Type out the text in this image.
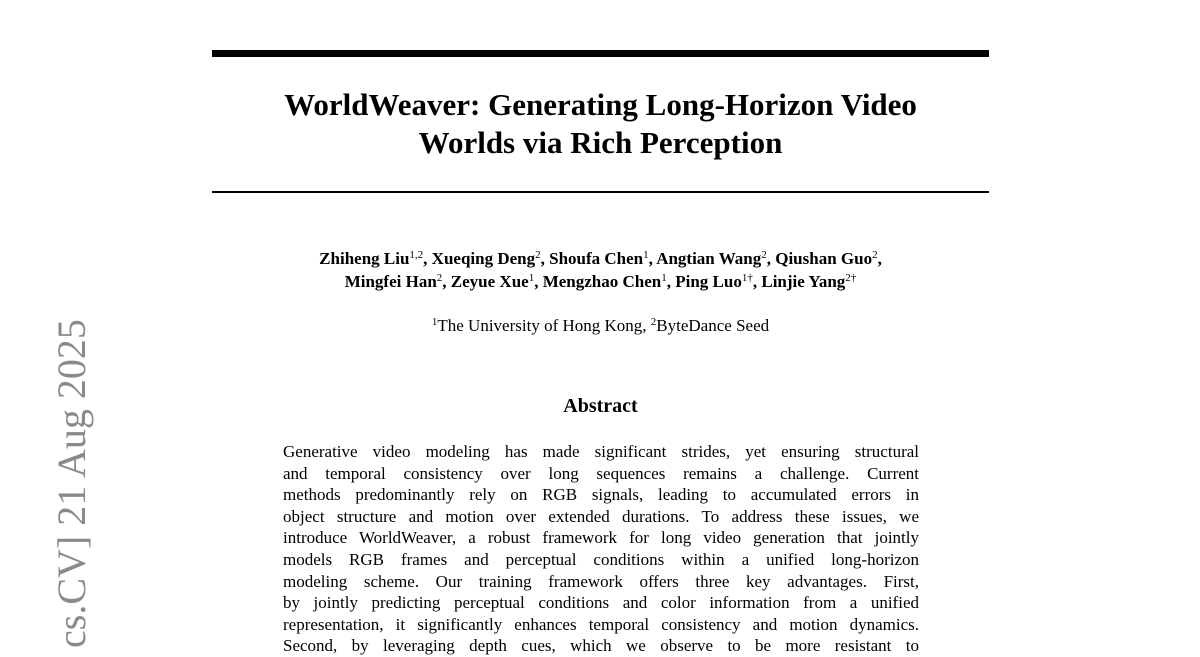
cs.CV] 21 Aug 2025
WorldWeaver: Generating Long-Horizon Video
Worlds via Rich Perception
Zhiheng Liu$^{1,2}$, Xueqing Deng$^2$, Shoufa Chen$^1$, Angtian Wang$^2$, Qiushan Guo$^2$,
Mingfei Han$^2$, Zeyue Xue$^1$, Mengzhao Chen$^1$, Ping Luo$^{1\dagger}$, Linjie Yang$^{2\dagger}$
$^1$The University of Hong Kong, $^2$ByteDance Seed
Abstract
Generative video modeling has made significant strides, yet ensuring structural
and temporal consistency over long sequences remains a challenge. Current
methods predominantly rely on RGB signals, leading to accumulated errors in
object structure and motion over extended durations. To address these issues, we
introduce WorldWeaver, a robust framework for long video generation that jointly
models RGB frames and perceptual conditions within a unified long-horizon
modeling scheme. Our training framework offers three key advantages. First,
by jointly predicting perceptual conditions and color information from a unified
representation, it significantly enhances temporal consistency and motion dynamics.
Second, by leveraging depth cues, which we observe to be more resistant to
